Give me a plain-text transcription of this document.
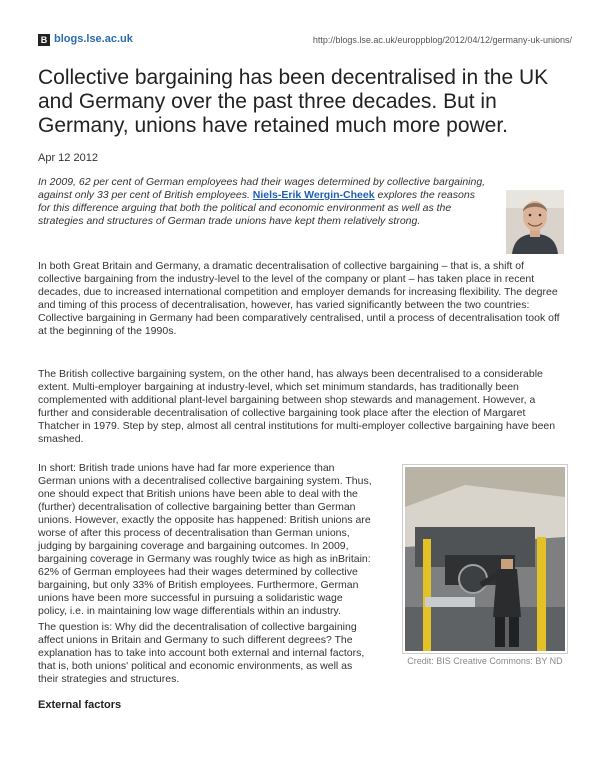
B blogs.lse.ac.uk	http://blogs.lse.ac.uk/europpblog/2012/04/12/germany-uk-unions/
Collective bargaining has been decentralised in the UK and Germany over the past three decades. But in Germany, unions have retained much more power.
Apr 12 2012

In 2009, 62 per cent of German employees had their wages determined by collective bargaining, against only 33 per cent of British employees. Niels-Erik Wergin-Cheek explores the reasons for this difference arguing that both the political and economic environment as well as the strategies and structures of German trade unions have kept them relatively strong.

In both Great Britain and Germany, a dramatic decentralisation of collective bargaining – that is, a shift of collective bargaining from the industry-level to the level of the company or plant – has taken place in recent decades, due to increased international competition and employer demands for increasing flexibility. The degree and timing of this process of decentralisation, however, has varied significantly between the two countries: Collective bargaining in Germany had been comparatively centralised, until a process of decentralisation took off at the beginning of the 1990s.

The British collective bargaining system, on the other hand, has always been decentralised to a considerable extent. Multi-employer bargaining at industry-level, which set minimum standards, has traditionally been complemented with additional plant-level bargaining between shop stewards and management. However, a further and considerable decentralisation of collective bargaining took place after the election of Margaret Thatcher in 1979. Step by step, almost all central institutions for multi-employer collective bargaining have been smashed.

In short: British trade unions have had far more experience than German unions with a decentralised collective bargaining system. Thus, one should expect that British unions have been able to deal with the (further) decentralisation of collective bargaining better than German unions. However, exactly the opposite has happened: British unions are worse of after this process of decentralisation than German unions, judging by bargaining coverage and bargaining outcomes. In 2009, bargaining coverage in Germany was roughly twice as high as inBritain: 62% of German employees had their wages determined by collective bargaining, but only 33% of British employees. Furthermore, German unions have been more successful in pursuing a solidaristic wage policy, i.e. in maintaining low wage differentials within an industry.

The question is: Why did the decentralisation of collective bargaining affect unions in Britain and Germany to such different degrees? The explanation has to take into account both external and internal factors, that is, both unions' political and economic environments, as well as their strategies and structures.

Credit: BIS Creative Commons: BY ND
External factors
